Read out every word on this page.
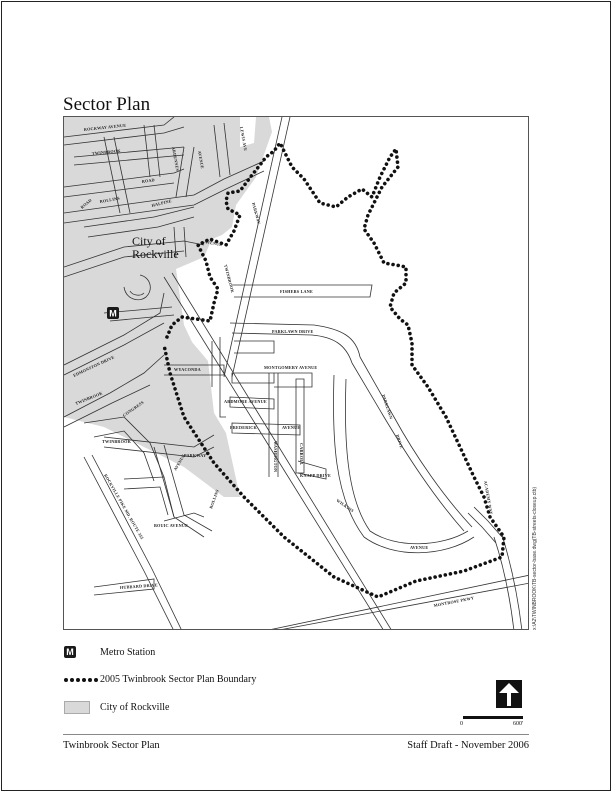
Sector Plan
M
City of
Rockville
ROCKWAY AVENUE
TWINBROOK	ARDENNES	AVENUE
ROAD
ROLLINS	HALPINE
ROAD
AVENUE
TWINBROOK
PARKWAY
FISHERS LANE
PARKLAWN DRIVE
WYACONDA	MONTGOMERY AVENUE
ARDMORE AVENUE
FREDERICK	AVENUE
WASHINGTON	CARROLL
KNAPP DRIVE
PARKLAWN
DRIVE
WILKINS
AVENUE
ACADEMY WAY
ROCKVILLE PIKE MD. ROUTE 355
TWINBROOK
CONGRESS
PARKWAY
TWINBROOK
AVENUE
EDMONSTON DRIVE
ROLLINS
BOUIC AVENUE
HUBBARD DRIVE
MONTROSE PKWY
LEWIS AVE
x:\A2\TWINBROOK\TB-sector-base.dwg(TB-streets-closeup.ctb)
M	Metro Station
2005 Twinbrook Sector Plan Boundary
City of Rockville
0	600'
Twinbrook Sector Plan	Staff Draft - November 2006
